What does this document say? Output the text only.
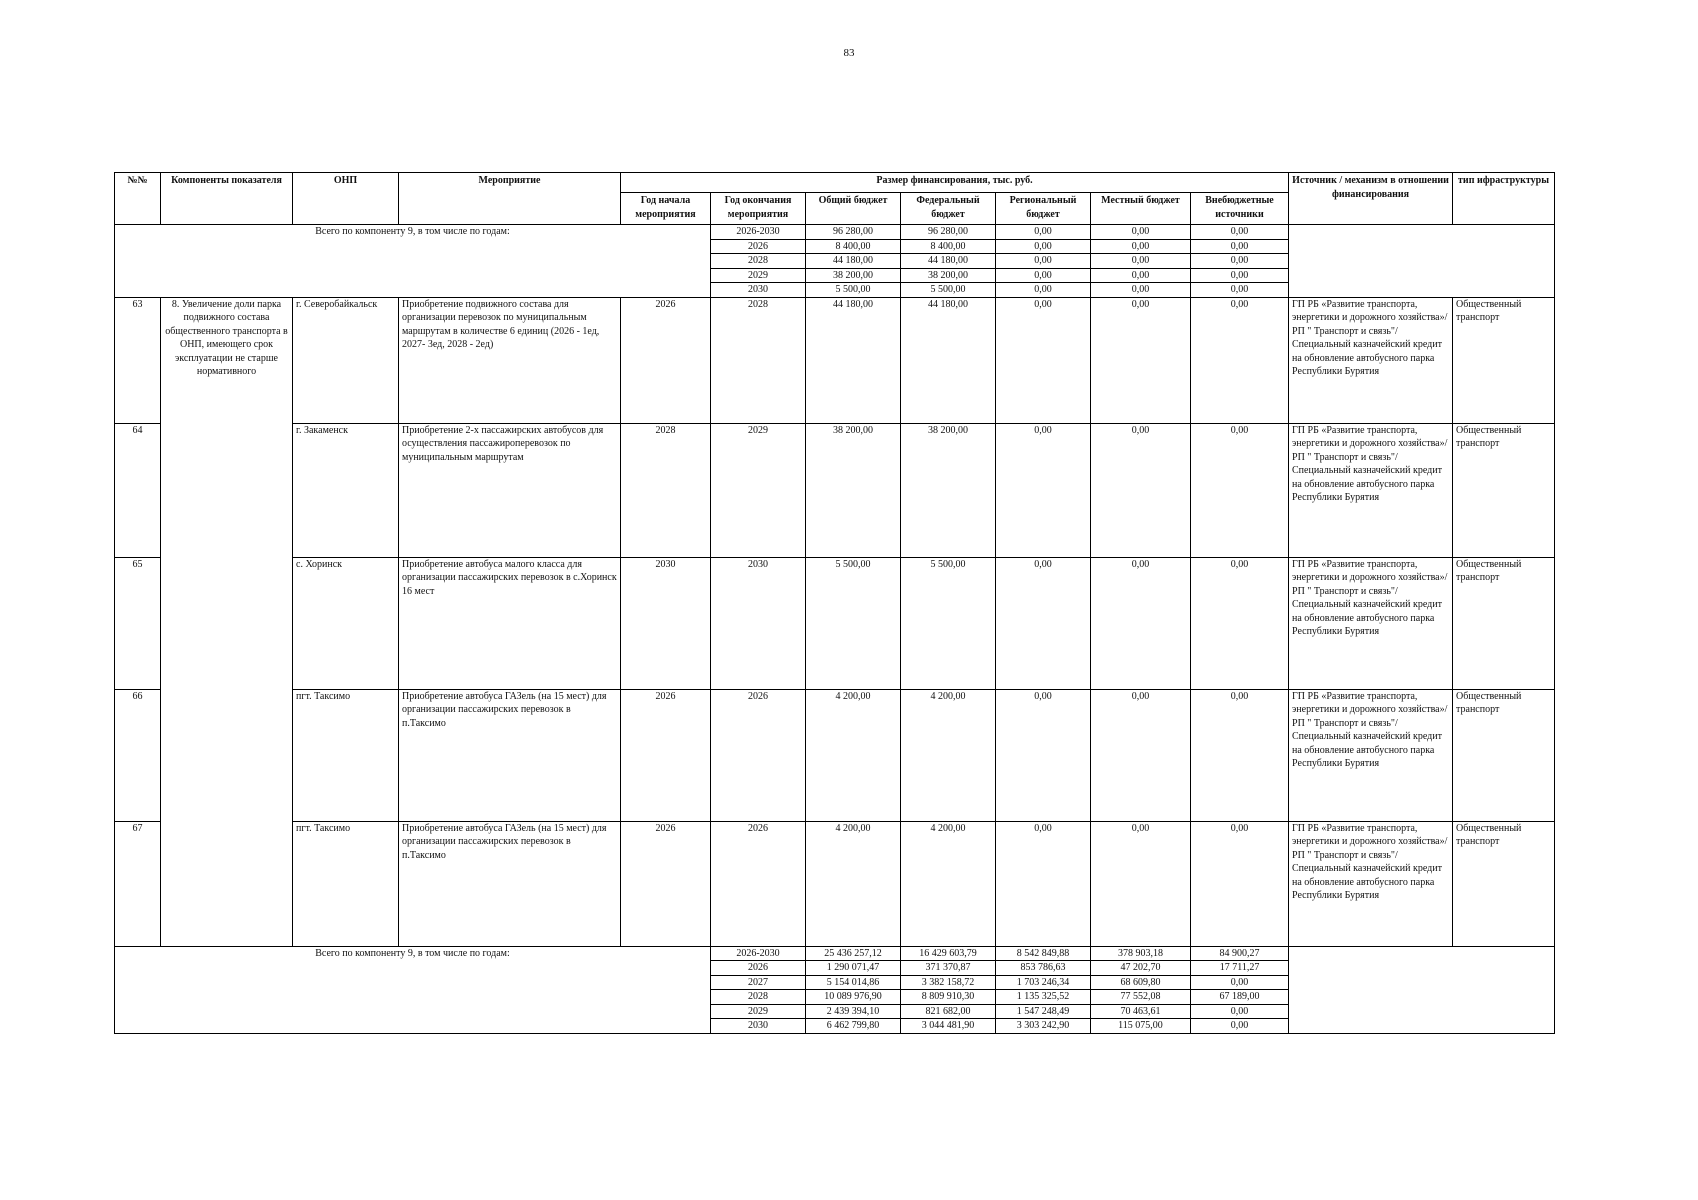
83
№№	Компоненты показателя	ОНП	Мероприятие	Размер финансирования, тыс. руб.							Источник / механизм в отношении финансирования	тип ифраструктуры
				Год начала мероприятия	Год окончания мероприятия	Общий бюджет	Федеральный бюджет	Региональный бюджет	Местный бюджет	Внебюджетные источники		
Всего по компоненту 9, в том числе по годам:					2026-2030	96 280,00	96 280,00	0,00	0,00	0,00		
					2026	8 400,00	8 400,00	0,00	0,00	0,00		
					2028	44 180,00	44 180,00	0,00	0,00	0,00		
					2029	38 200,00	38 200,00	0,00	0,00	0,00		
					2030	5 500,00	5 500,00	0,00	0,00	0,00		
63	8. Увеличение доли парка подвижного состава общественного транспорта в ОНП, имеющего срок эксплуатации не старше нормативного	г. Северобайкальск	Приобретение подвижного состава для организации перевозок по муниципальным маршрутам в количестве 6 единиц (2026 - 1ед, 2027- 3ед, 2028 - 2ед)	2026	2028	44 180,00	44 180,00	0,00	0,00	0,00	ГП РБ «Развитие транспорта, энергетики и дорожного хозяйства»/ РП " Транспорт и связь"/Специальный казначейский кредит на обновление автобусного парка Республики Бурятия	Общественный транспорт
64		г. Закаменск	Приобретение 2-х пассажирских автобусов для осуществления пассажироперевозок по муниципальным маршрутам	2028	2029	38 200,00	38 200,00	0,00	0,00	0,00	ГП РБ «Развитие транспорта, энергетики и дорожного хозяйства»/ РП " Транспорт и связь"/Специальный казначейский кредит на обновление автобусного парка Республики Бурятия	Общественный транспорт
65		с. Хоринск	Приобретение автобуса малого класса для организации пассажирских перевозок в с.Хоринск 16 мест	2030	2030	5 500,00	5 500,00	0,00	0,00	0,00	ГП РБ «Развитие транспорта, энергетики и дорожного хозяйства»/ РП " Транспорт и связь"/Специальный казначейский кредит на обновление автобусного парка Республики Бурятия	Общественный транспорт
66		пгт. Таксимо	Приобретение автобуса ГАЗель (на 15 мест) для организации пассажирских перевозок в п.Таксимо	2026	2026	4 200,00	4 200,00	0,00	0,00	0,00	ГП РБ «Развитие транспорта, энергетики и дорожного хозяйства»/ РП " Транспорт и связь"/Специальный казначейский кредит на обновление автобусного парка Республики Бурятия	Общественный транспорт
67		пгт. Таксимо	Приобретение автобуса ГАЗель (на 15 мест) для организации пассажирских перевозок в п.Таксимо	2026	2026	4 200,00	4 200,00	0,00	0,00	0,00	ГП РБ «Развитие транспорта, энергетики и дорожного хозяйства»/ РП " Транспорт и связь"/Специальный казначейский кредит на обновление автобусного парка Республики Бурятия	Общественный транспорт
Всего по компоненту 9, в том числе по годам:					2026-2030	25 436 257,12	16 429 603,79	8 542 849,88	378 903,18	84 900,27		
					2026	1 290 071,47	371 370,87	853 786,63	47 202,70	17 711,27		
					2027	5 154 014,86	3 382 158,72	1 703 246,34	68 609,80	0,00		
					2028	10 089 976,90	8 809 910,30	1 135 325,52	77 552,08	67 189,00		
					2029	2 439 394,10	821 682,00	1 547 248,49	70 463,61	0,00		
					2030	6 462 799,80	3 044 481,90	3 303 242,90	115 075,00	0,00		
